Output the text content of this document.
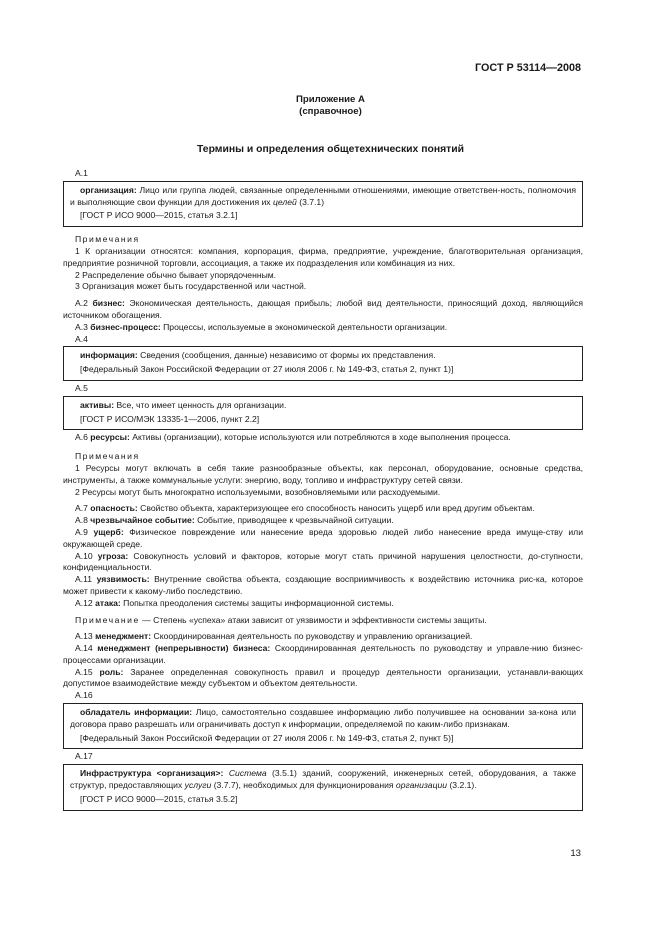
ГОСТ Р 53114—2008
Приложение А
(справочное)
Термины и определения общетехнических понятий

А.1

организация: Лицо или группа людей, связанные определенными отношениями, имеющие ответствен-ность, полномочия и выполняющие свои функции для достижения их целей (3.7.1)

[ГОСТ Р ИСО 9000—2015, статья 3.2.1]

Примечания

1 К организации относятся: компания, корпорация, фирма, предприятие, учреждение, благотворительная организация, предприятие розничной торговли, ассоциация, а также их подразделения или комбинация из них.

2 Распределение обычно бывает упорядоченным.

3 Организация может быть государственной или частной.

А.2 бизнес: Экономическая деятельность, дающая прибыль; любой вид деятельности, приносящий доход, являющийся источником обогащения.

А.3 бизнес-процесс: Процессы, используемые в экономической деятельности организации.

А.4

информация: Сведения (сообщения, данные) независимо от формы их представления.

[Федеральный Закон Российской Федерации от 27 июля 2006 г. № 149-ФЗ, статья 2, пункт 1)]

А.5

активы: Все, что имеет ценность для организации.

[ГОСТ Р ИСО/МЭК 13335-1—2006, пункт 2.2]

А.6 ресурсы: Активы (организации), которые используются или потребляются в ходе выполнения процесса.

Примечания

1 Ресурсы могут включать в себя такие разнообразные объекты, как персонал, оборудование, основные средства, инструменты, а также коммунальные услуги: энергию, воду, топливо и инфраструктуру сетей связи.

2 Ресурсы могут быть многократно используемыми, возобновляемыми или расходуемыми.

А.7 опасность: Свойство объекта, характеризующее его способность наносить ущерб или вред другим объектам.

А.8 чрезвычайное событие: Событие, приводящее к чрезвычайной ситуации.

А.9 ущерб: Физическое повреждение или нанесение вреда здоровью людей либо нанесение вреда имуще-ству или окружающей среде.

А.10 угроза: Совокупность условий и факторов, которые могут стать причиной нарушения целостности, до-ступности, конфиденциальности.

А.11 уязвимость: Внутренние свойства объекта, создающие восприимчивость к воздействию источника рис-ка, которое может привести к какому-либо последствию.

А.12 атака: Попытка преодоления системы защиты информационной системы.

Примечание — Степень «успеха» атаки зависит от уязвимости и эффективности системы защиты.

А.13 менеджмент: Скоординированная деятельность по руководству и управлению организацией.

А.14 менеджмент (непрерывности) бизнеса: Скоординированная деятельность по руководству и управле-нию бизнес-процессами организации.

А.15 роль: Заранее определенная совокупность правил и процедур деятельности организации, устанавли-вающих допустимое взаимодействие между субъектом и объектом деятельности.

А.16

обладатель информации: Лицо, самостоятельно создавшее информацию либо получившее на основании за-кона или договора право разрешать или ограничивать доступ к информации, определяемой по каким-либо признакам.

[Федеральный Закон Российской Федерации от 27 июля 2006 г. № 149-ФЗ, статья 2, пункт 5)]

А.17

Инфраструктура <организация>: Система (3.5.1) зданий, сооружений, инженерных сетей, оборудования, а также структур, предоставляющих услуги (3.7.7), необходимых для функционирования организации (3.2.1).

[ГОСТ Р ИСО 9000—2015, статья 3.5.2]

13
